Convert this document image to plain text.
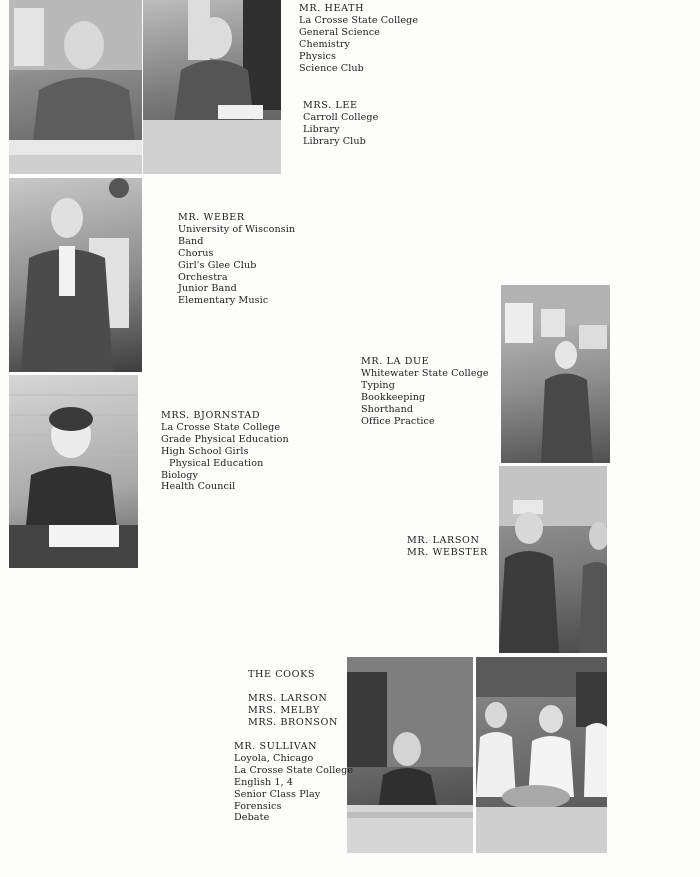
MR. HEATH
La Crosse State College
General Science
Chemistry
Physics
Science Club
MRS. LEE
Carroll College
Library
Library Club
MR. WEBER
University of Wisconsin
Band
Chorus
Girl's Glee Club
Orchestra
Junior Band
Elementary Music
MR. LA DUE
Whitewater State College
Typing
Bookkeeping
Shorthand
Office Practice
MRS. BJORNSTAD
La Crosse State College
Grade Physical Education
High School Girls
Physical Education
Biology
Health Council
MR. LARSON
MR. WEBSTER
THE COOKS
MRS. LARSON
MRS. MELBY
MRS. BRONSON
MR. SULLIVAN
Loyola, Chicago
La Crosse State College
English 1, 4
Senior Class Play
Forensics
Debate
